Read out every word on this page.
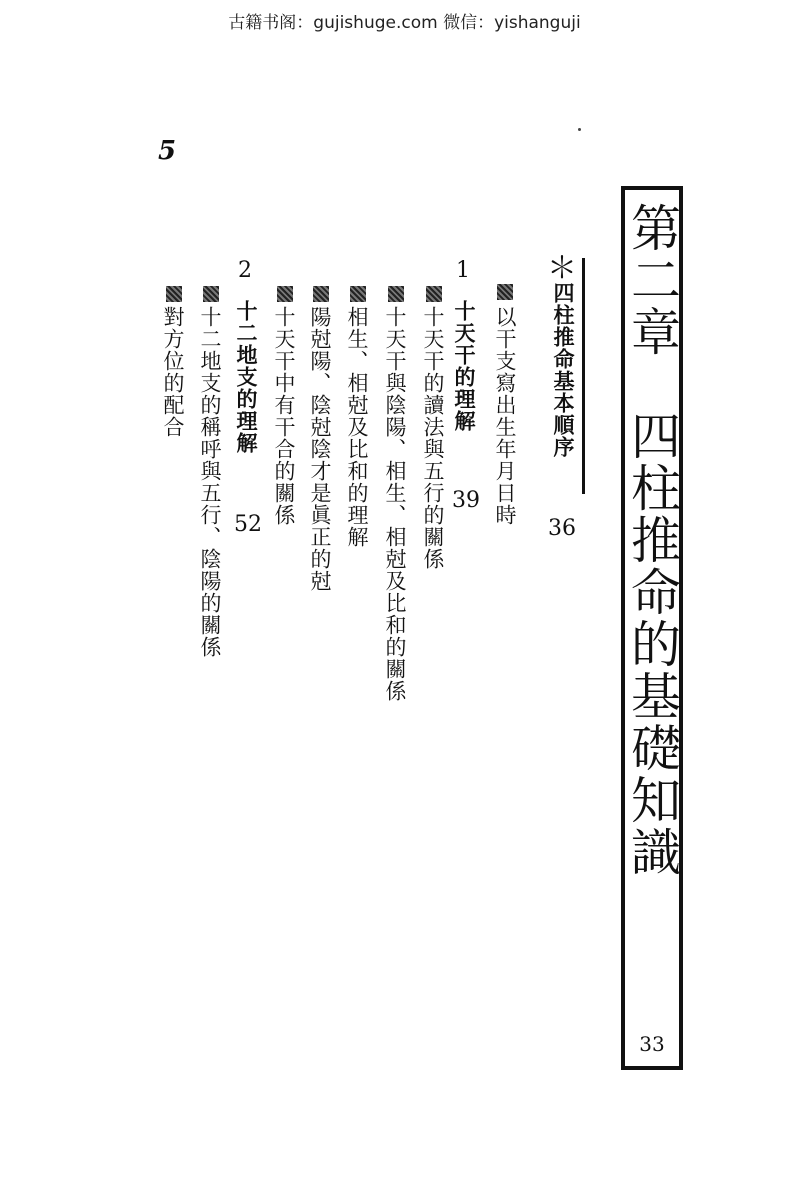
古籍书阁：gujishuge.com 微信：yishanguji
5
第二章　四柱推命的基礎知識
33
＊
四柱推命基本順序
36
以干支寫出生年月日時
1
十天干的理解
39
十天干的讀法與五行的關係
十天干與陰陽、相生、相尅及比和的關係
相生、相尅及比和的理解
陽尅陽、陰尅陰才是眞正的尅
十天干中有干合的關係
2
十二地支的理解
52
十二地支的稱呼與五行、陰陽的關係
對方位的配合
